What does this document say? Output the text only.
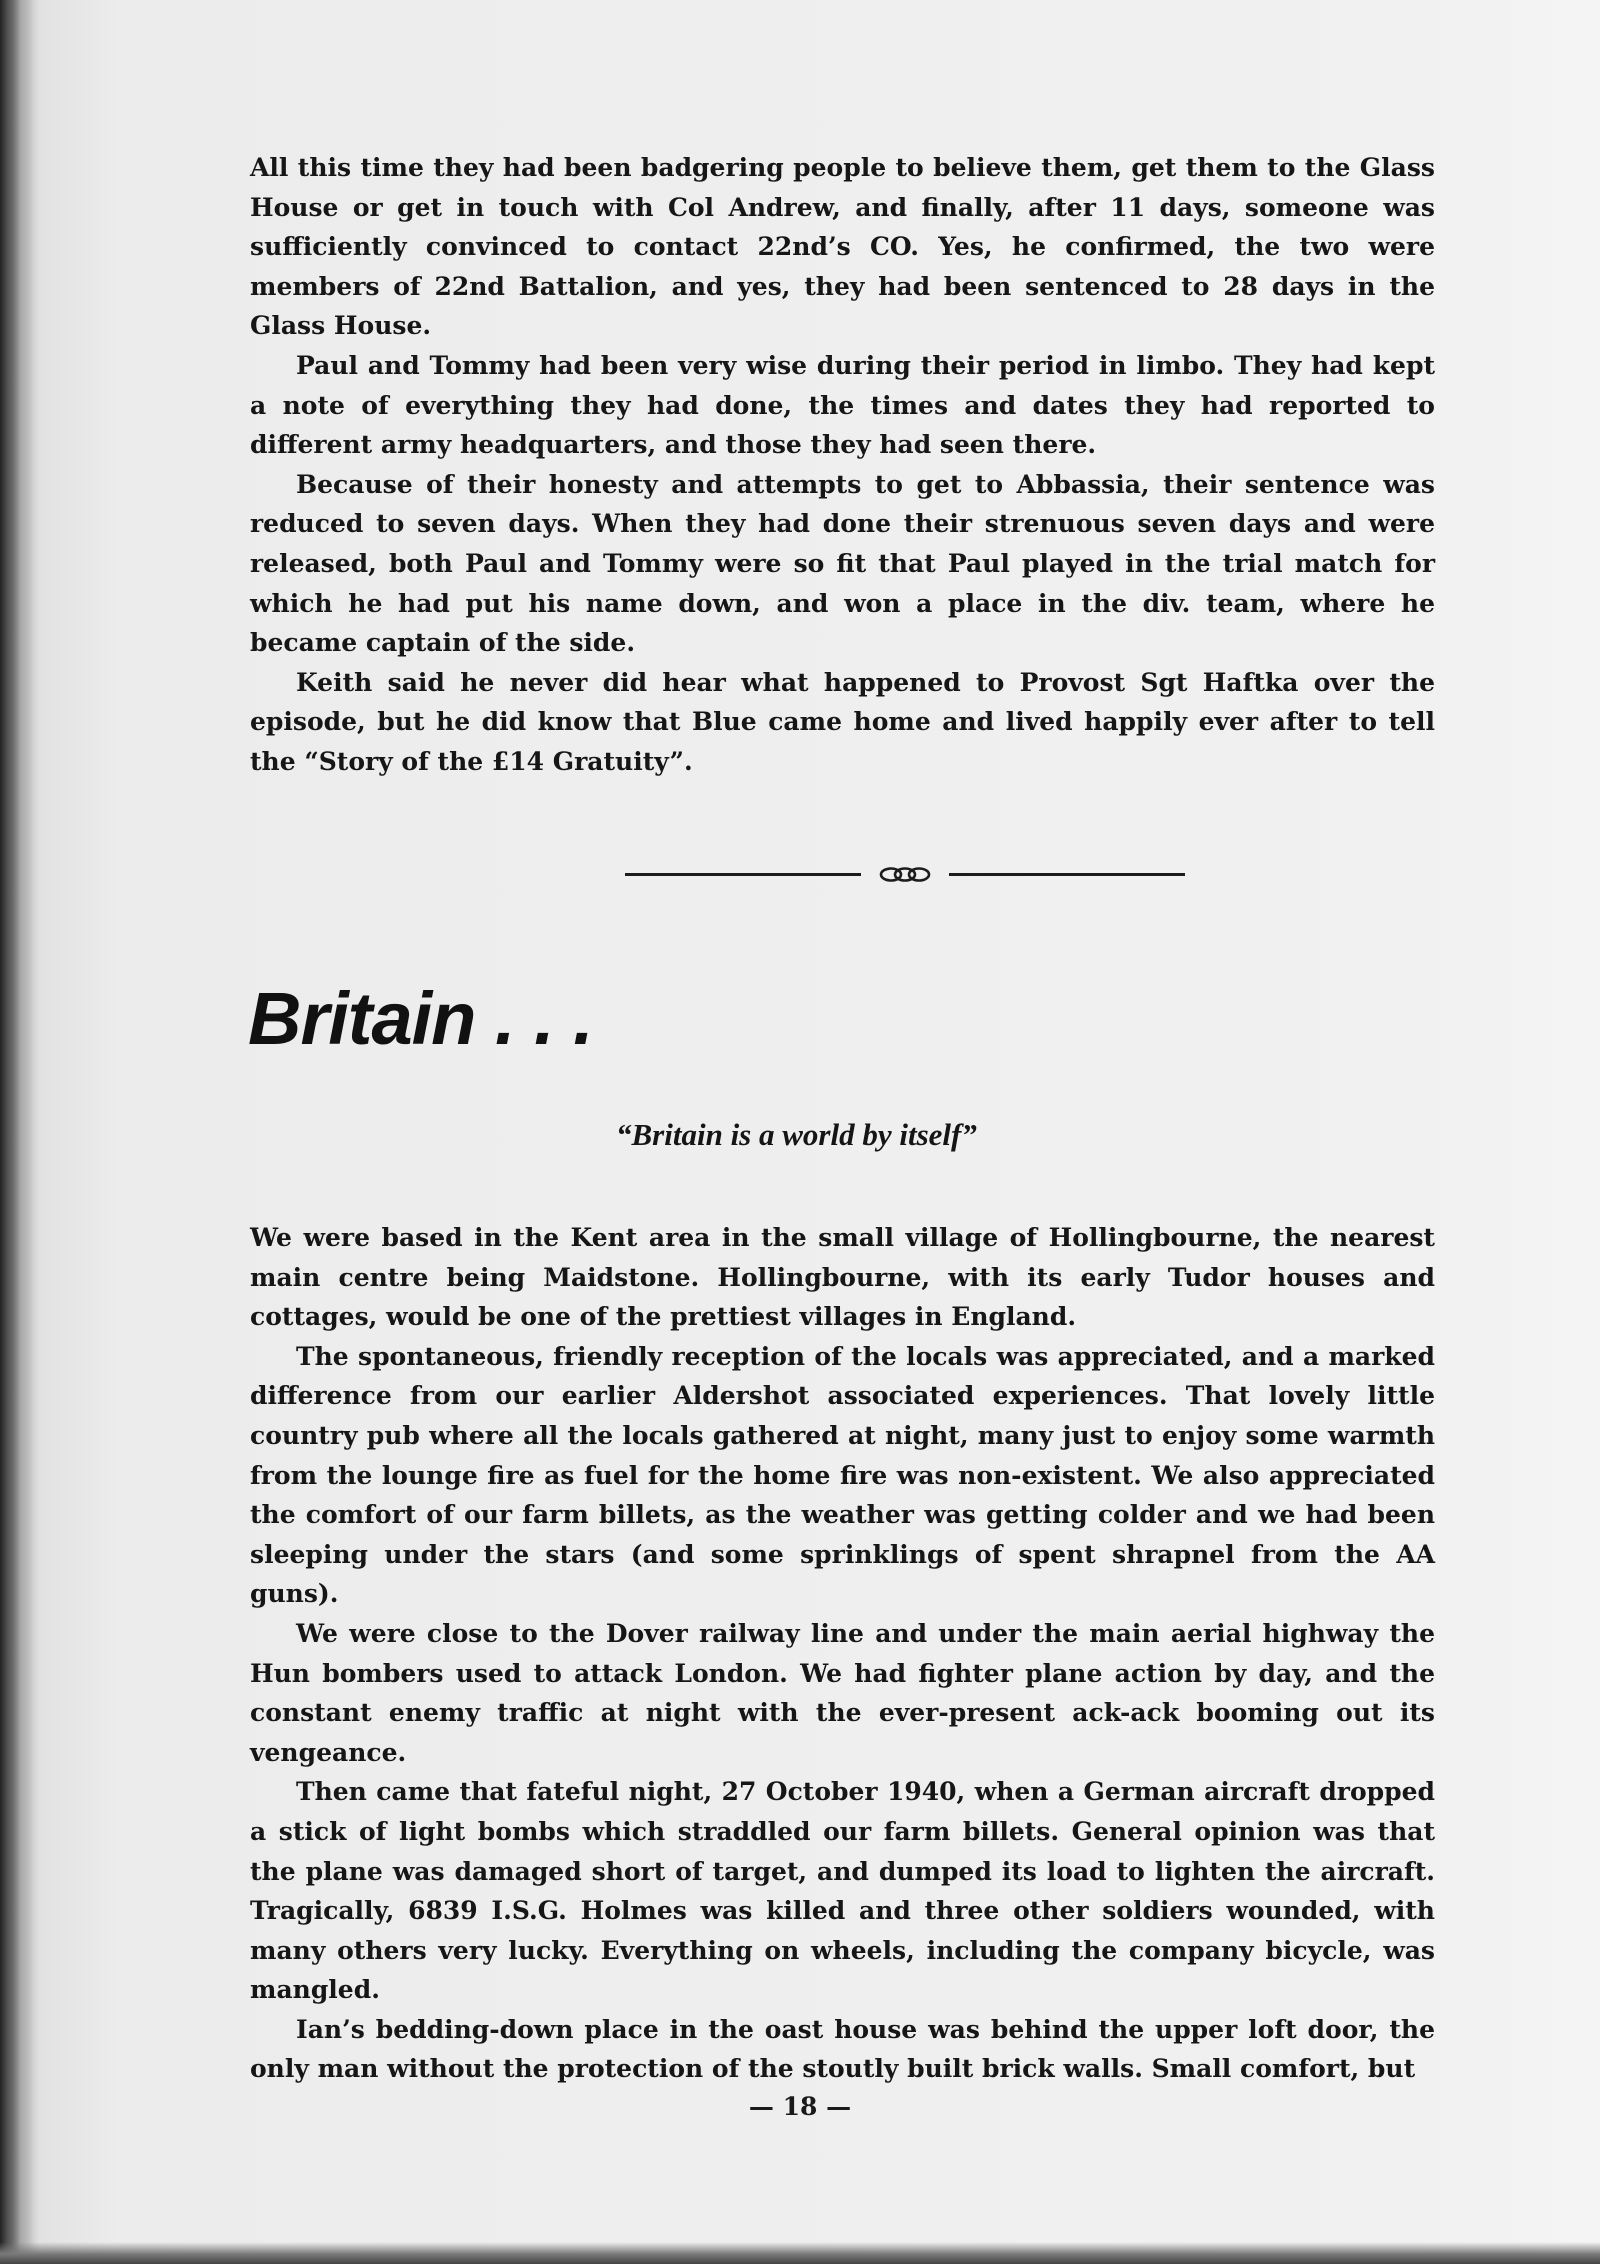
All this time they had been badgering people to believe them, get them to the Glass House or get in touch with Col Andrew, and finally, after 11 days, someone was sufficiently convinced to contact 22nd’s CO. Yes, he confirmed, the two were members of 22nd Battalion, and yes, they had been sentenced to 28 days in the Glass House.

Paul and Tommy had been very wise during their period in limbo. They had kept a note of everything they had done, the times and dates they had reported to different army headquarters, and those they had seen there.

Because of their honesty and attempts to get to Abbassia, their sentence was reduced to seven days. When they had done their strenuous seven days and were released, both Paul and Tommy were so fit that Paul played in the trial match for which he had put his name down, and won a place in the div. team, where he became captain of the side.

Keith said he never did hear what happened to Provost Sgt Haftka over the episode, but he did know that Blue came home and lived happily ever after to tell the “Story of the £14 Gratuity”.

Britain . . .
“Britain is a world by itself”

We were based in the Kent area in the small village of Hollingbourne, the nearest main centre being Maidstone. Hollingbourne, with its early Tudor houses and cottages, would be one of the prettiest villages in England.

The spontaneous, friendly reception of the locals was appreciated, and a marked difference from our earlier Aldershot associated experiences. That lovely little country pub where all the locals gathered at night, many just to enjoy some warmth from the lounge fire as fuel for the home fire was non-existent. We also appreciated the comfort of our farm billets, as the weather was getting colder and we had been sleeping under the stars (and some sprinklings of spent shrapnel from the AA guns).

We were close to the Dover railway line and under the main aerial highway the Hun bombers used to attack London. We had fighter plane action by day, and the constant enemy traffic at night with the ever-present ack-ack booming out its vengeance.

Then came that fateful night, 27 October 1940, when a German aircraft dropped a stick of light bombs which straddled our farm billets. General opinion was that the plane was damaged short of target, and dumped its load to lighten the aircraft. Tragically, 6839 I.S.G. Holmes was killed and three other soldiers wounded, with many others very lucky. Everything on wheels, including the company bicycle, was mangled.

Ian’s bedding-down place in the oast house was behind the upper loft door, the only man without the protection of the stoutly built brick walls. Small comfort, but

— 18 —
